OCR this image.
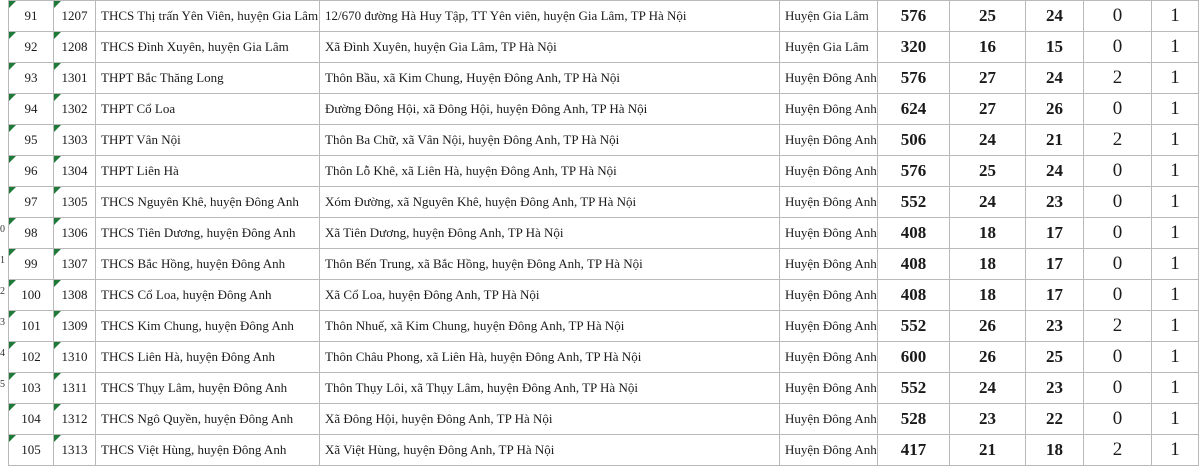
0
1
2
3
4
5
91	1207	THCS Thị trấn Yên Viên, huyện Gia Lâm	12/670 đường Hà Huy Tập, TT Yên viên, huyện Gia Lâm, TP Hà Nội	Huyện Gia Lâm	576	25	24	0	1

92	1208	THCS Đình Xuyên, huyện Gia Lâm	Xã Đình Xuyên, huyện Gia Lâm, TP Hà Nội	Huyện Gia Lâm	320	16	15	0	1

93	1301	THPT Bắc Thăng Long	Thôn Bầu, xã Kim Chung, Huyện Đông Anh, TP Hà Nội	Huyện Đông Anh	576	27	24	2	1

94	1302	THPT Cổ Loa	Đường Đông Hội, xã Đông Hội, huyện Đông Anh, TP Hà Nội	Huyện Đông Anh	624	27	26	0	1

95	1303	THPT Vân Nội	Thôn Ba Chữ, xã Vân Nội, huyện Đông Anh, TP Hà Nội	Huyện Đông Anh	506	24	21	2	1

96	1304	THPT Liên Hà	Thôn Lỗ Khê, xã Liên Hà, huyện Đông Anh, TP Hà Nội	Huyện Đông Anh	576	25	24	0	1

97	1305	THCS Nguyên Khê, huyện Đông Anh	Xóm Đường, xã Nguyên Khê, huyện Đông Anh, TP Hà Nội	Huyện Đông Anh	552	24	23	0	1

98	1306	THCS Tiên Dương, huyện Đông Anh	Xã Tiên Dương, huyện Đông Anh, TP Hà Nội	Huyện Đông Anh	408	18	17	0	1

99	1307	THCS Bắc Hồng, huyện Đông Anh	Thôn Bến Trung, xã Bắc Hồng, huyện Đông Anh, TP Hà Nội	Huyện Đông Anh	408	18	17	0	1

100	1308	THCS Cổ Loa, huyện Đông Anh	Xã Cổ Loa, huyện Đông Anh, TP Hà Nội	Huyện Đông Anh	408	18	17	0	1

101	1309	THCS Kim Chung, huyện Đông Anh	Thôn Nhuế, xã Kim Chung, huyện Đông Anh, TP Hà Nội	Huyện Đông Anh	552	26	23	2	1

102	1310	THCS Liên Hà, huyện Đông Anh	Thôn Châu Phong, xã Liên Hà, huyện Đông Anh, TP Hà Nội	Huyện Đông Anh	600	26	25	0	1

103	1311	THCS Thụy Lâm, huyện Đông Anh	Thôn Thụy Lôi, xã Thụy Lâm, huyện Đông Anh, TP Hà Nội	Huyện Đông Anh	552	24	23	0	1

104	1312	THCS Ngô Quyền, huyện Đông Anh	Xã Đông Hội, huyện Đông Anh, TP Hà Nội	Huyện Đông Anh	528	23	22	0	1

105	1313	THCS Việt Hùng, huyện Đông Anh	Xã Việt Hùng, huyện Đông Anh, TP Hà Nội	Huyện Đông Anh	417	21	18	2	1
